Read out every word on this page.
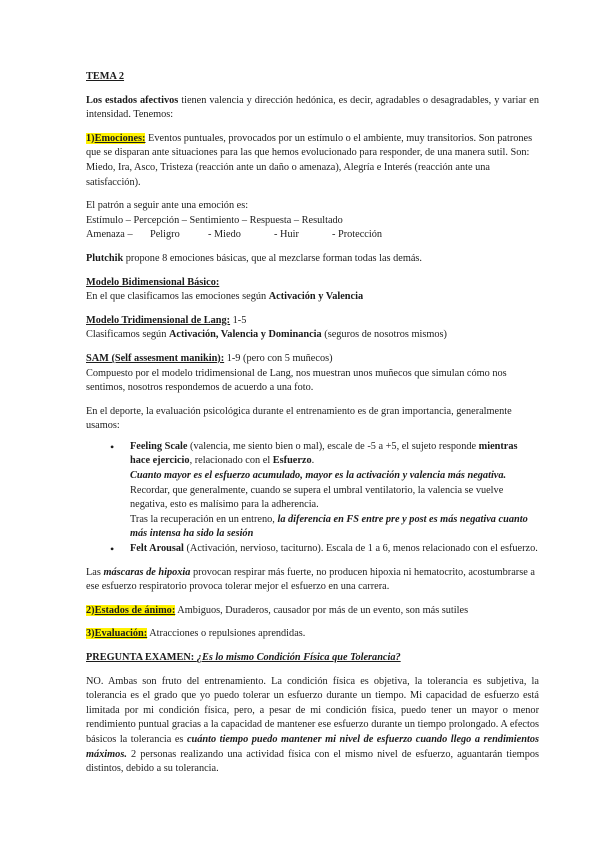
TEMA 2

Los estados afectivos tienen valencia y dirección hedónica, es decir, agradables o desagradables, y variar en intensidad. Tenemos:

1)Emociones: Eventos puntuales, provocados por un estímulo o el ambiente, muy transitorios. Son patrones que se disparan ante situaciones para las que hemos evolucionado para responder, de una manera sutil. Son: Miedo, Ira, Asco, Tristeza (reacción ante un daño o amenaza), Alegría e Interés (reacción ante una satisfacción).

El patrón a seguir ante una emoción es:

Estímulo – Percepción – Sentimiento – Respuesta – Resultado

Amenaza –	Peligro	- Miedo	- Huir	- Protección

Plutchik propone 8 emociones básicas, que al mezclarse forman todas las demás.

Modelo Bidimensional Básico:

En el que clasificamos las emociones según Activación y Valencia

Modelo Tridimensional de Lang: 1-5

Clasificamos según Activación, Valencia y Dominancia (seguros de nosotros mismos)

SAM (Self assesment manikin): 1-9 (pero con 5 muñecos)

Compuesto por el modelo tridimensional de Lang, nos muestran unos muñecos que simulan cómo nos sentimos, nosotros respondemos de acuerdo a una foto.

En el deporte, la evaluación psicológica durante el entrenamiento es de gran importancia, generalmente usamos:

• Feeling Scale (valencia, me siento bien o mal), escale de -5 a +5, el sujeto responde mientras hace ejercicio, relacionado con el Esfuerzo.

Cuanto mayor es el esfuerzo acumulado, mayor es la activación y valencia más negativa. Recordar, que generalmente, cuando se supera el umbral ventilatorio, la valencia se vuelve negativa, esto es malísimo para la adherencia.

Tras la recuperación en un entreno, la diferencia en FS entre pre y post es más negativa cuanto más intensa ha sido la sesión

• Felt Arousal (Activación, nervioso, taciturno). Escala de 1 a 6, menos relacionado con el esfuerzo.

Las máscaras de hipoxia provocan respirar más fuerte, no producen hipoxia ni hematocrito, acostumbrarse a ese esfuerzo respiratorio provoca tolerar mejor el esfuerzo en una carrera.

2)Estados de ánimo: Ambiguos, Duraderos, causador por más de un evento, son más sutiles

3)Evaluación: Atracciones o repulsiones aprendidas.

PREGUNTA EXAMEN: ¿Es lo mismo Condición Física que Tolerancia?

NO. Ambas son fruto del entrenamiento. La condición física es objetiva, la tolerancia es subjetiva, la tolerancia es el grado que yo puedo tolerar un esfuerzo durante un tiempo. Mi capacidad de esfuerzo está limitada por mi condición física, pero, a pesar de mi condición física, puedo tener un mayor o menor rendimiento puntual gracias a la capacidad de mantener ese esfuerzo durante un tiempo prolongado. A efectos básicos la tolerancia es cuánto tiempo puedo mantener mi nivel de esfuerzo cuando llego a rendimientos máximos. 2 personas realizando una actividad física con el mismo nivel de esfuerzo, aguantarán tiempos distintos, debido a su tolerancia.
